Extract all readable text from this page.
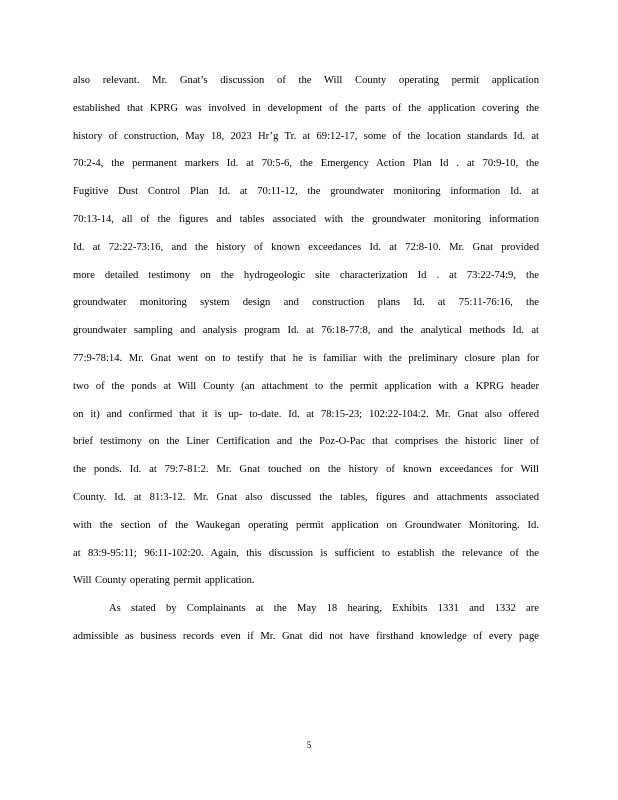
also relevant. Mr. Gnat’s discussion of the Will County operating permit application
established that KPRG was involved in development of the parts of the application covering the
history of construction, May 18, 2023 Hr’g Tr. at 69:12-17, some of the location standards Id. at
70:2-4, the permanent markers Id. at 70:5-6, the Emergency Action Plan Id . at 70:9-10, the
Fugitive Dust Control Plan Id. at 70:11-12, the groundwater monitoring information Id. at
70:13-14, all of the figures and tables associated with the groundwater monitoring information
Id. at 72:22-73:16, and the history of known exceedances Id. at 72:8-10. Mr. Gnat provided
more detailed testimony on the hydrogeologic site characterization Id . at 73:22-74:9, the
groundwater monitoring system design and construction plans Id. at 75:11-76:16, the
groundwater sampling and analysis program Id. at 76:18-77:8, and the analytical methods Id. at
77:9-78:14. Mr. Gnat went on to testify that he is familiar with the preliminary closure plan for
two of the ponds at Will County (an attachment to the permit application with a KPRG header
on it) and confirmed that it is up- to-date. Id. at 78:15-23; 102:22-104:2. Mr. Gnat also offered
brief testimony on the Liner Certification and the Poz-O-Pac that comprises the historic liner of
the ponds. Id. at 79:7-81:2. Mr. Gnat touched on the history of known exceedances for Will
County. Id. at 81:3-12. Mr. Gnat also discussed the tables, figures and attachments associated
with the section of the Waukegan operating permit application on Groundwater Monitoring. Id.
at 83:9-95:11; 96:11-102:20. Again, this discussion is sufficient to establish the relevance of the
Will County operating permit application.
As stated by Complainants at the May 18 hearing, Exhibits 1331 and 1332 are
admissible as business records even if Mr. Gnat did not have firsthand knowledge of every page
5
